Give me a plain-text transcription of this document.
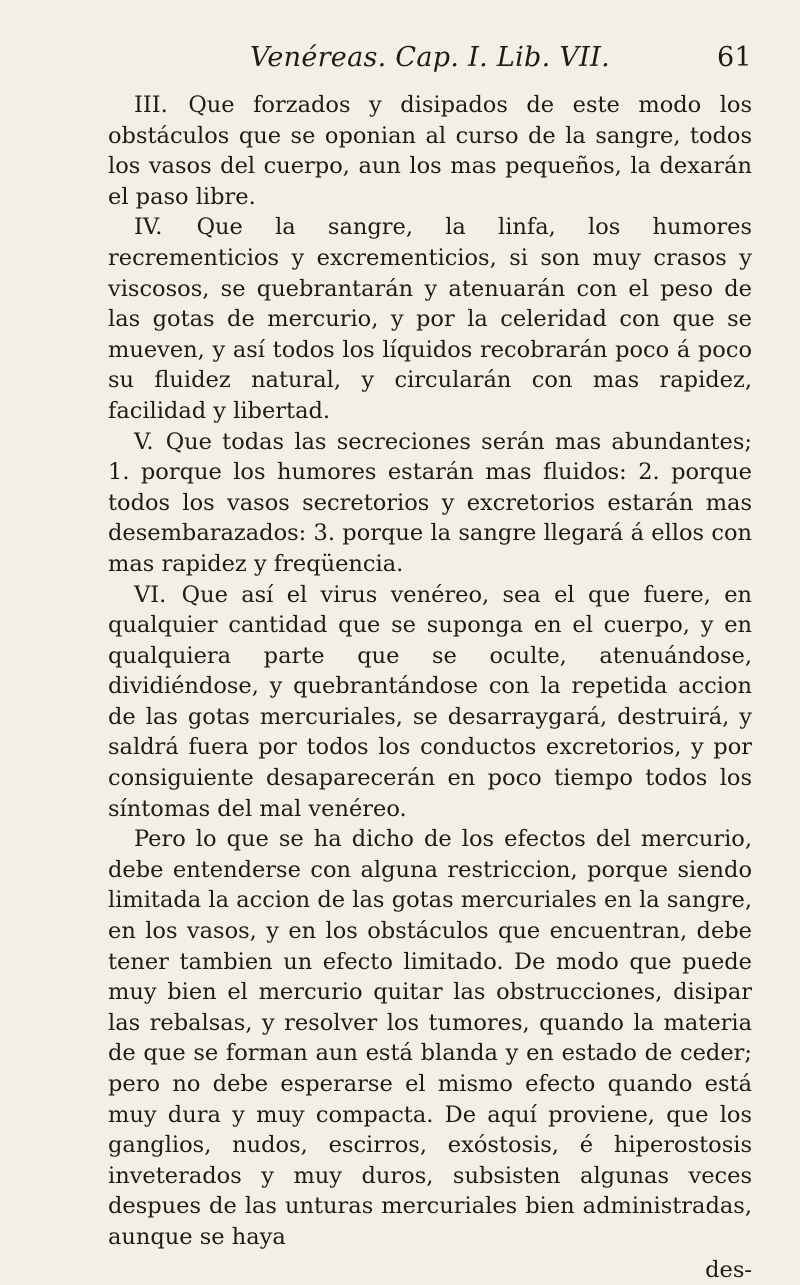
Venéreas. Cap. I. Lib. VII.	61

III. Que forzados y disipados de este modo los obstáculos que se oponian al curso de la sangre, todos los vasos del cuerpo, aun los mas pequeños, la dexarán el paso libre.

IV. Que la sangre, la linfa, los humores recrementicios y excrementicios, si son muy crasos y viscosos, se quebrantarán y atenuarán con el peso de las gotas de mercurio, y por la celeridad con que se mueven, y así todos los líquidos recobrarán poco á poco su fluidez natural, y circularán con mas rapidez, facilidad y libertad.

V. Que todas las secreciones serán mas abundantes; 1. porque los humores estarán mas fluidos: 2. porque todos los vasos secretorios y excretorios estarán mas desembarazados: 3. porque la sangre llegará á ellos con mas rapidez y freqüencia.

VI. Que así el virus venéreo, sea el que fuere, en qualquier cantidad que se suponga en el cuerpo, y en qualquiera parte que se oculte, atenuándose, dividiéndose, y quebrantándose con la repetida accion de las gotas mercuriales, se desarraygará, destruirá, y saldrá fuera por todos los conductos excretorios, y por consiguiente desaparecerán en poco tiempo todos los síntomas del mal venéreo.

Pero lo que se ha dicho de los efectos del mercurio, debe entenderse con alguna restriccion, porque siendo limitada la accion de las gotas mercuriales en la sangre, en los vasos, y en los obstáculos que encuentran, debe tener tambien un efecto limitado. De modo que puede muy bien el mercurio quitar las obstrucciones, disipar las rebalsas, y resolver los tumores, quando la materia de que se forman aun está blanda y en estado de ceder; pero no debe esperarse el mismo efecto quando está muy dura y muy compacta. De aquí proviene, que los ganglios, nudos, escirros, exóstosis, é hiperostosis inveterados y muy duros, subsisten algunas veces despues de las unturas mercuriales bien administradas, aunque se haya

des-
